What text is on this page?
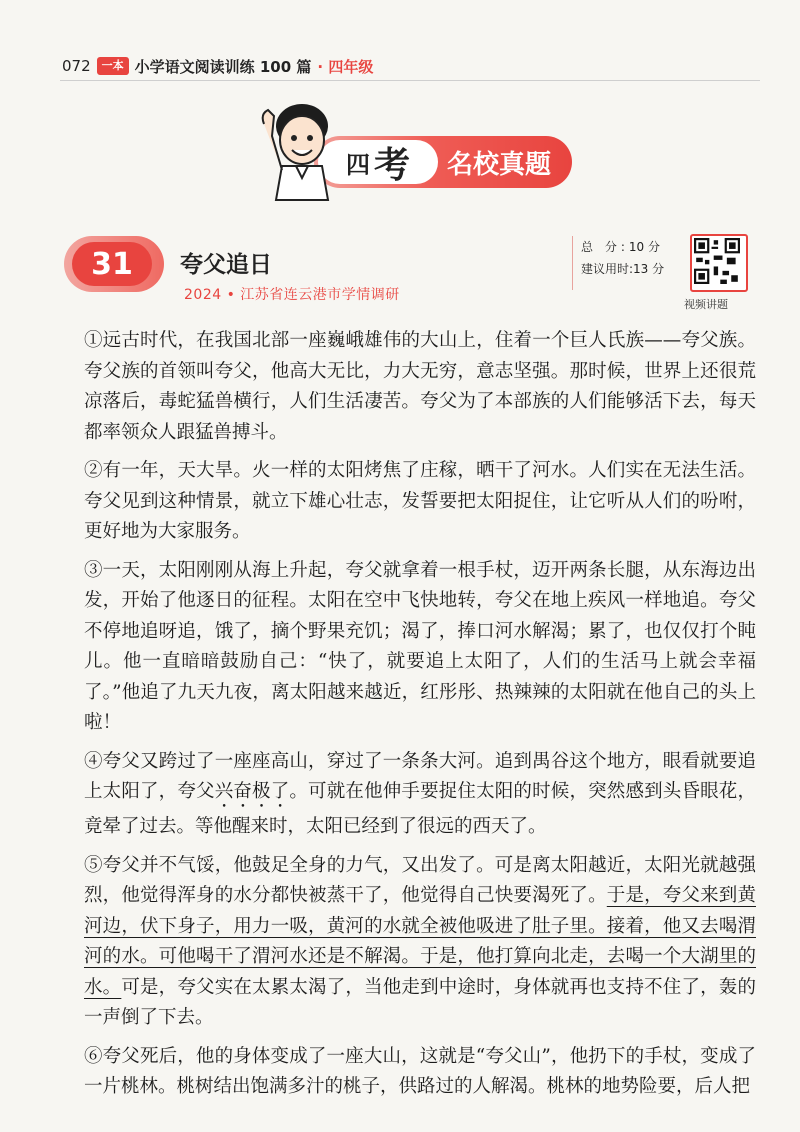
072	一本 小学语文阅读训练 100 篇 · 四年级
四 考	名校真题
31	夸父追日
2024 • 江苏省连云港市学情调研
总 分:10 分
建议用时:13 分
视频讲题

①远古时代，在我国北部一座巍峨雄伟的大山上，住着一个巨人氏族——夸父族。夸父族的首领叫夸父，他高大无比，力大无穷，意志坚强。那时候，世界上还很荒凉落后，毒蛇猛兽横行，人们生活凄苦。夸父为了本部族的人们能够活下去，每天都率领众人跟猛兽搏斗。

②有一年，天大旱。火一样的太阳烤焦了庄稼，晒干了河水。人们实在无法生活。夸父见到这种情景，就立下雄心壮志，发誓要把太阳捉住，让它听从人们的吩咐，更好地为大家服务。

③一天，太阳刚刚从海上升起，夸父就拿着一根手杖，迈开两条长腿，从东海边出发，开始了他逐日的征程。太阳在空中飞快地转，夸父在地上疾风一样地追。夸父不停地追呀追，饿了，摘个野果充饥；渴了，捧口河水解渴；累了，也仅仅打个盹儿。他一直暗暗鼓励自己：“快了，就要追上太阳了，人们的生活马上就会幸福了。”他追了九天九夜，离太阳越来越近，红彤彤、热辣辣的太阳就在他自己的头上啦！

④夸父又跨过了一座座高山，穿过了一条条大河。追到禺谷这个地方，眼看就要追上太阳了，夸父兴奋极了。可就在他伸手要捉住太阳的时候，突然感到头昏眼花，竟晕了过去。等他醒来时，太阳已经到了很远的西天了。

⑤夸父并不气馁，他鼓足全身的力气，又出发了。可是离太阳越近，太阳光就越强烈，他觉得浑身的水分都快被蒸干了，他觉得自己快要渴死了。于是，夸父来到黄河边，伏下身子，用力一吸，黄河的水就全被他吸进了肚子里。接着，他又去喝渭河的水。可他喝干了渭河水还是不解渴。于是，他打算向北走，去喝一个大湖里的水。可是，夸父实在太累太渴了，当他走到中途时，身体就再也支持不住了，轰的一声倒了下去。

⑥夸父死后，他的身体变成了一座大山，这就是“夸父山”，他扔下的手杖，变成了一片桃林。桃树结出饱满多汁的桃子，供路过的人解渴。桃林的地势险要，后人把
